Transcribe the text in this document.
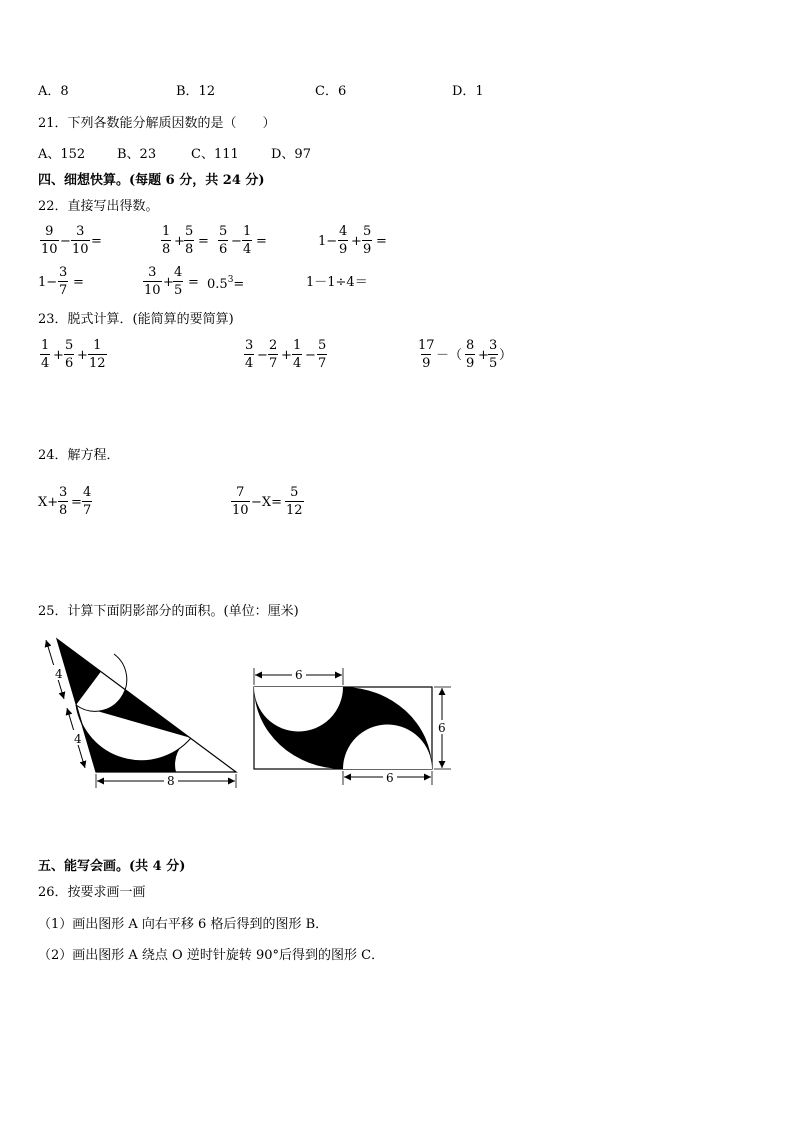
A．8	B．12	C．6	D．1
21．下列各数能分解质因数的是（　　）
A、152 B、23	C、111 D、97
四、细想快算。(每题 6 分，共 24 分)
22．直接写出得数。
$\frac{9}{10} - \frac{3}{10}$ =	$\frac{1}{8} + \frac{5}{8} = \frac{5}{6} - \frac{1}{4}$ =	$1- \frac{4}{9} + \frac{5}{9}$ =
$1- \frac{3}{7}$ =	$\frac{3}{10} + \frac{4}{5} = 0.5^3=$	1－1÷4＝
23．脱式计算．(能简算的要简算)
$\frac{1}{4} + \frac{5}{6} + \frac{1}{12}$	$\frac{3}{4} - \frac{2}{7} + \frac{1}{4} - \frac{5}{7}$	$\frac{17}{9}$ －（ $\frac{8}{9} + \frac{3}{5}$ ）
24．解方程．
$X+ \frac{3}{8} = \frac{4}{7}$	$\frac{7}{10} -X= \frac{5}{12}$
25．计算下面阴影部分的面积。(单位：厘米)
4
4
8
6
6
6
五、能写会画。(共 4 分)
26．按要求画一画
（1）画出图形 A 向右平移 6 格后得到的图形 B．
（2）画出图形 A 绕点 O 逆时针旋转 90°后得到的图形 C．
